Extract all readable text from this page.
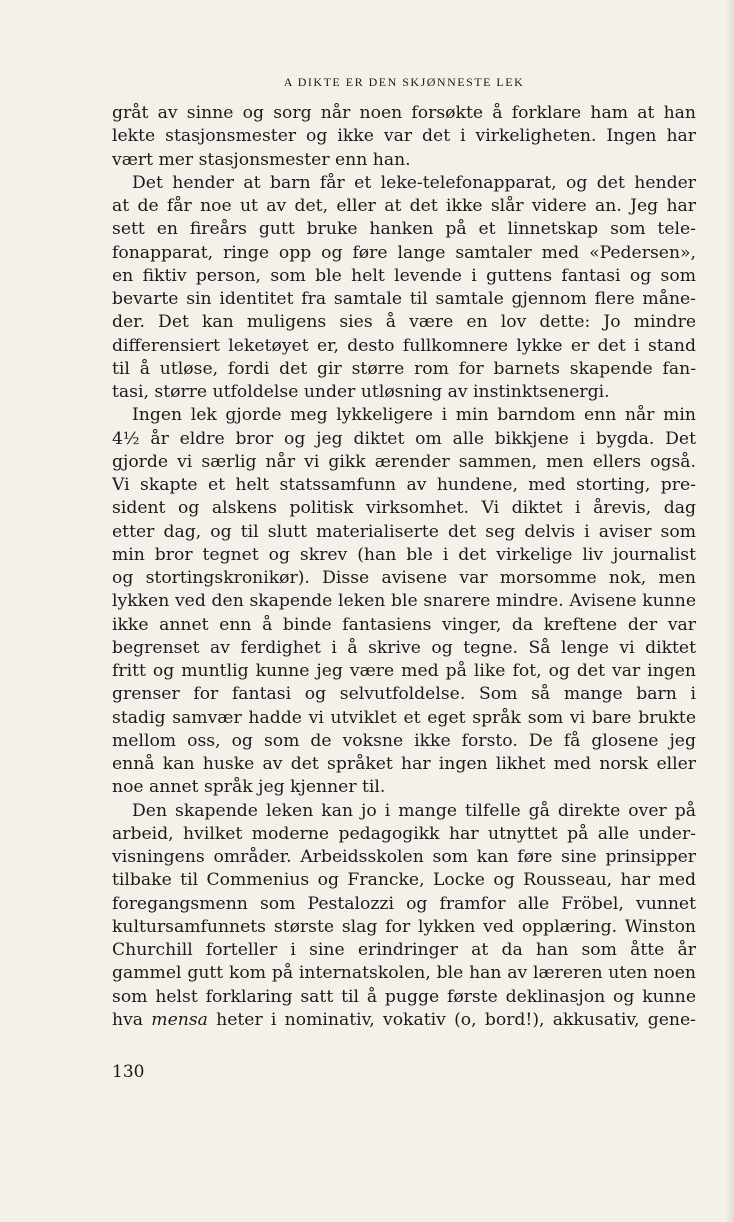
A DIKTE ER DEN SKJØNNESTE LEK
gråt av sinne og sorg når noen forsøkte å forklare ham at han
lekte stasjonsmester og ikke var det i virkeligheten. Ingen har
vært mer stasjonsmester enn han.
Det hender at barn får et leke-telefonapparat, og det hender
at de får noe ut av det, eller at det ikke slår videre an. Jeg har
sett en fireårs gutt bruke hanken på et linnetskap som tele-
fonapparat, ringe opp og føre lange samtaler med «Pedersen»,
en fiktiv person, som ble helt levende i guttens fantasi og som
bevarte sin identitet fra samtale til samtale gjennom flere måne-
der. Det kan muligens sies å være en lov dette: Jo mindre
differensiert leketøyet er, desto fullkomnere lykke er det i stand
til å utløse, fordi det gir større rom for barnets skapende fan-
tasi, større utfoldelse under utløsning av instinktsenergi.
Ingen lek gjorde meg lykkeligere i min barndom enn når min
4½ år eldre bror og jeg diktet om alle bikkjene i bygda. Det
gjorde vi særlig når vi gikk ærender sammen, men ellers også.
Vi skapte et helt statssamfunn av hundene, med storting, pre-
sident og alskens politisk virksomhet. Vi diktet i årevis, dag
etter dag, og til slutt materialiserte det seg delvis i aviser som
min bror tegnet og skrev (han ble i det virkelige liv journalist
og stortingskronikør). Disse avisene var morsomme nok, men
lykken ved den skapende leken ble snarere mindre. Avisene kunne
ikke annet enn å binde fantasiens vinger, da kreftene der var
begrenset av ferdighet i å skrive og tegne. Så lenge vi diktet
fritt og muntlig kunne jeg være med på like fot, og det var ingen
grenser for fantasi og selvutfoldelse. Som så mange barn i
stadig samvær hadde vi utviklet et eget språk som vi bare brukte
mellom oss, og som de voksne ikke forsto. De få glosene jeg
ennå kan huske av det språket har ingen likhet med norsk eller
noe annet språk jeg kjenner til.
Den skapende leken kan jo i mange tilfelle gå direkte over på
arbeid, hvilket moderne pedagogikk har utnyttet på alle under-
visningens områder. Arbeidsskolen som kan føre sine prinsipper
tilbake til Commenius og Francke, Locke og Rousseau, har med
foregangsmenn som Pestalozzi og framfor alle Fröbel, vunnet
kultursamfunnets største slag for lykken ved opplæring. Winston
Churchill forteller i sine erindringer at da han som åtte år
gammel gutt kom på internatskolen, ble han av læreren uten noen
som helst forklaring satt til å pugge første deklinasjon og kunne
hva mensa heter i nominativ, vokativ (o, bord!), akkusativ, gene-
130
